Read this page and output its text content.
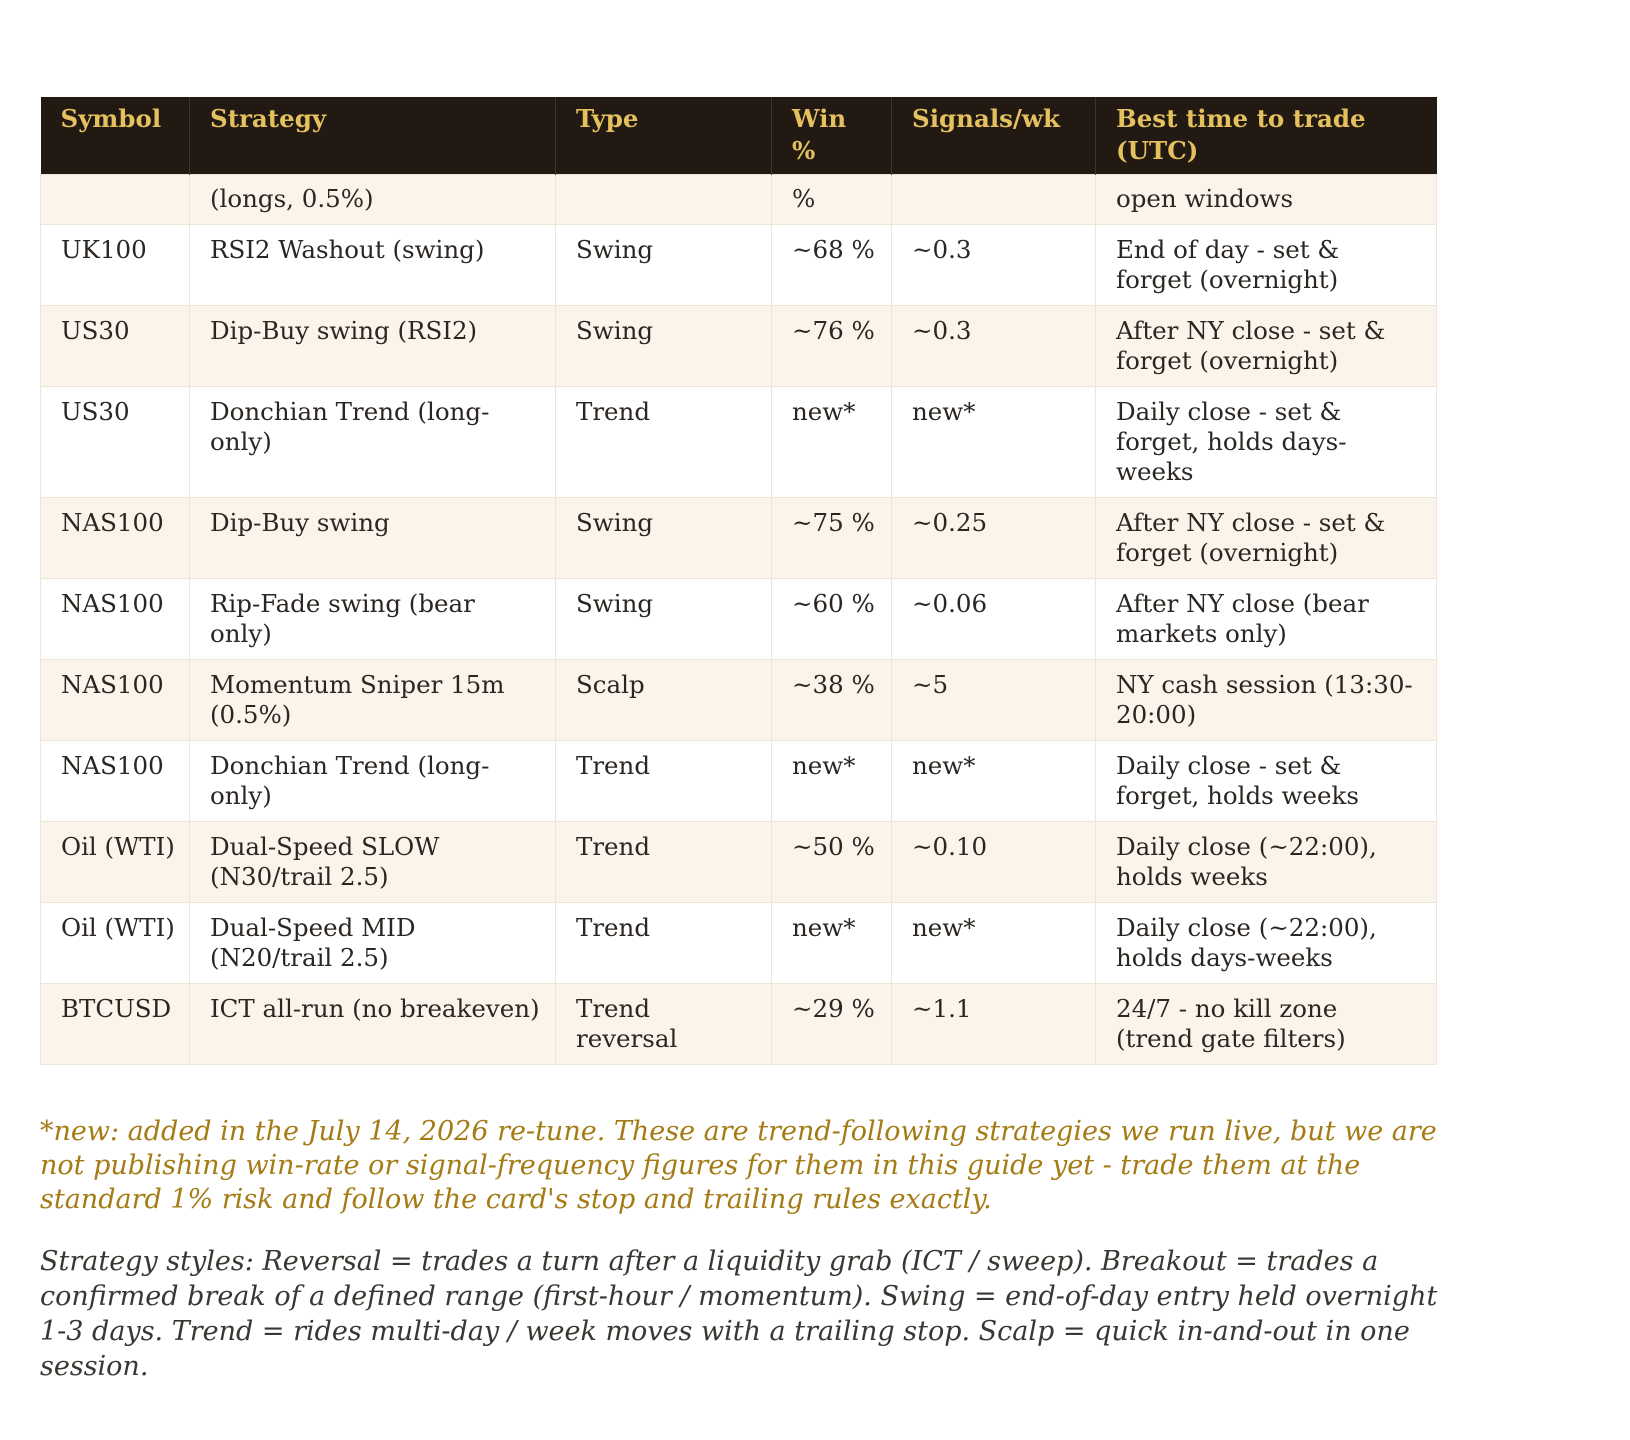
Symbol	Strategy	Type	Win %	Signals/wk	Best time to trade (UTC)
	(longs, 0.5%)		%		open windows
UK100	RSI2 Washout (swing)	Swing	~68 %	~0.3	End of day - set & forget (overnight)
US30	Dip-Buy swing (RSI2)	Swing	~76 %	~0.3	After NY close - set & forget (overnight)
US30	Donchian Trend (long-only)	Trend	new*	new*	Daily close - set & forget, holds days-weeks
NAS100	Dip-Buy swing	Swing	~75 %	~0.25	After NY close - set & forget (overnight)
NAS100	Rip-Fade swing (bear only)	Swing	~60 %	~0.06	After NY close (bear markets only)
NAS100	Momentum Sniper 15m (0.5%)	Scalp	~38 %	~5	NY cash session (13:30-20:00)
NAS100	Donchian Trend (long-only)	Trend	new*	new*	Daily close - set & forget, holds weeks
Oil (WTI)	Dual-Speed SLOW (N30/trail 2.5)	Trend	~50 %	~0.10	Daily close (~22:00), holds weeks
Oil (WTI)	Dual-Speed MID (N20/trail 2.5)	Trend	new*	new*	Daily close (~22:00), holds days-weeks
BTCUSD	ICT all-run (no breakeven)	Trend reversal	~29 %	~1.1	24/7 - no kill zone (trend gate filters)

*new: added in the July 14, 2026 re-tune. These are trend-following strategies we run live, but we are not publishing win-rate or signal-frequency figures for them in this guide yet - trade them at the standard 1% risk and follow the card's stop and trailing rules exactly.

Strategy styles: Reversal = trades a turn after a liquidity grab (ICT / sweep). Breakout = trades a confirmed break of a defined range (first-hour / momentum). Swing = end-of-day entry held overnight 1-3 days. Trend = rides multi-day / week moves with a trailing stop. Scalp = quick in-and-out in one session.
